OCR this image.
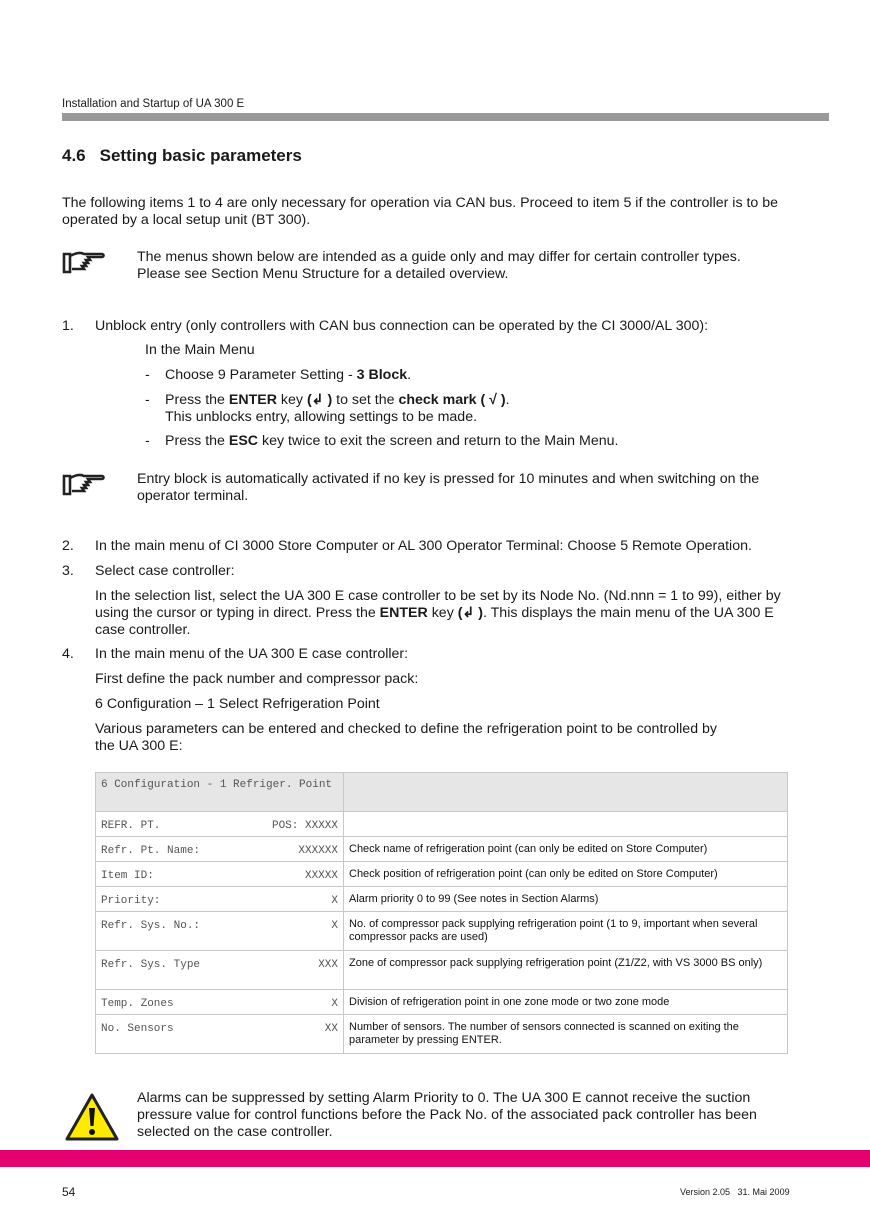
Installation and Startup of UA 300 E
4.6 Setting basic parameters
The following items 1 to 4 are only necessary for operation via CAN bus. Proceed to item 5 if the controller is to be operated by a local setup unit (BT 300).
The menus shown below are intended as a guide only and may differ for certain controller types. Please see Section Menu Structure for a detailed overview.
1.	Unblock entry (only controllers with CAN bus connection can be operated by the CI 3000/AL 300):
In the Main Menu
- Choose 9 Parameter Setting - 3 Block.
- Press the ENTER key (↲ ) to set the check mark ( √ ).
This unblocks entry, allowing settings to be made.
- Press the ESC key twice to exit the screen and return to the Main Menu.
Entry block is automatically activated if no key is pressed for 10 minutes and when switching on the operator terminal.
2.	In the main menu of CI 3000 Store Computer or AL 300 Operator Terminal: Choose 5 Remote Operation.
3.	Select case controller:
In the selection list, select the UA 300 E case controller to be set by its Node No. (Nd.nnn = 1 to 99), either by using the cursor or typing in direct. Press the ENTER key (↲ ). This displays the main menu of the UA 300 E case controller.
4.	In the main menu of the UA 300 E case controller:
First define the pack number and compressor pack:
6 Configuration – 1 Select Refrigeration Point
Various parameters can be entered and checked to define the refrigeration point to be controlled by the UA 300 E:
6 Configuration - 1 Refriger. Point	

REFR. PT. POS: XXXXX	

Refr. Pt. Name: XXXXXX	Check name of refrigeration point (can only be edited on Store Computer)

Item ID: XXXXX	Check position of refrigeration point (can only be edited on Store Computer)

Priority: X	Alarm priority 0 to 99 (See notes in Section Alarms)

Refr. Sys. No.: X	No. of compressor pack supplying refrigeration point (1 to 9, important when several compressor packs are used)

Refr. Sys. Type XXX	Zone of compressor pack supplying refrigeration point (Z1/Z2, with VS 3000 BS only)

Temp. Zones X	Division of refrigeration point in one zone mode or two zone mode

No. Sensors XX	Number of sensors. The number of sensors connected is scanned on exiting the parameter by pressing ENTER.
Alarms can be suppressed by setting Alarm Priority to 0. The UA 300 E cannot receive the suction pressure value for control functions before the Pack No. of the associated pack controller has been selected on the case controller.
54	Version 2.05   31. Mai 2009
